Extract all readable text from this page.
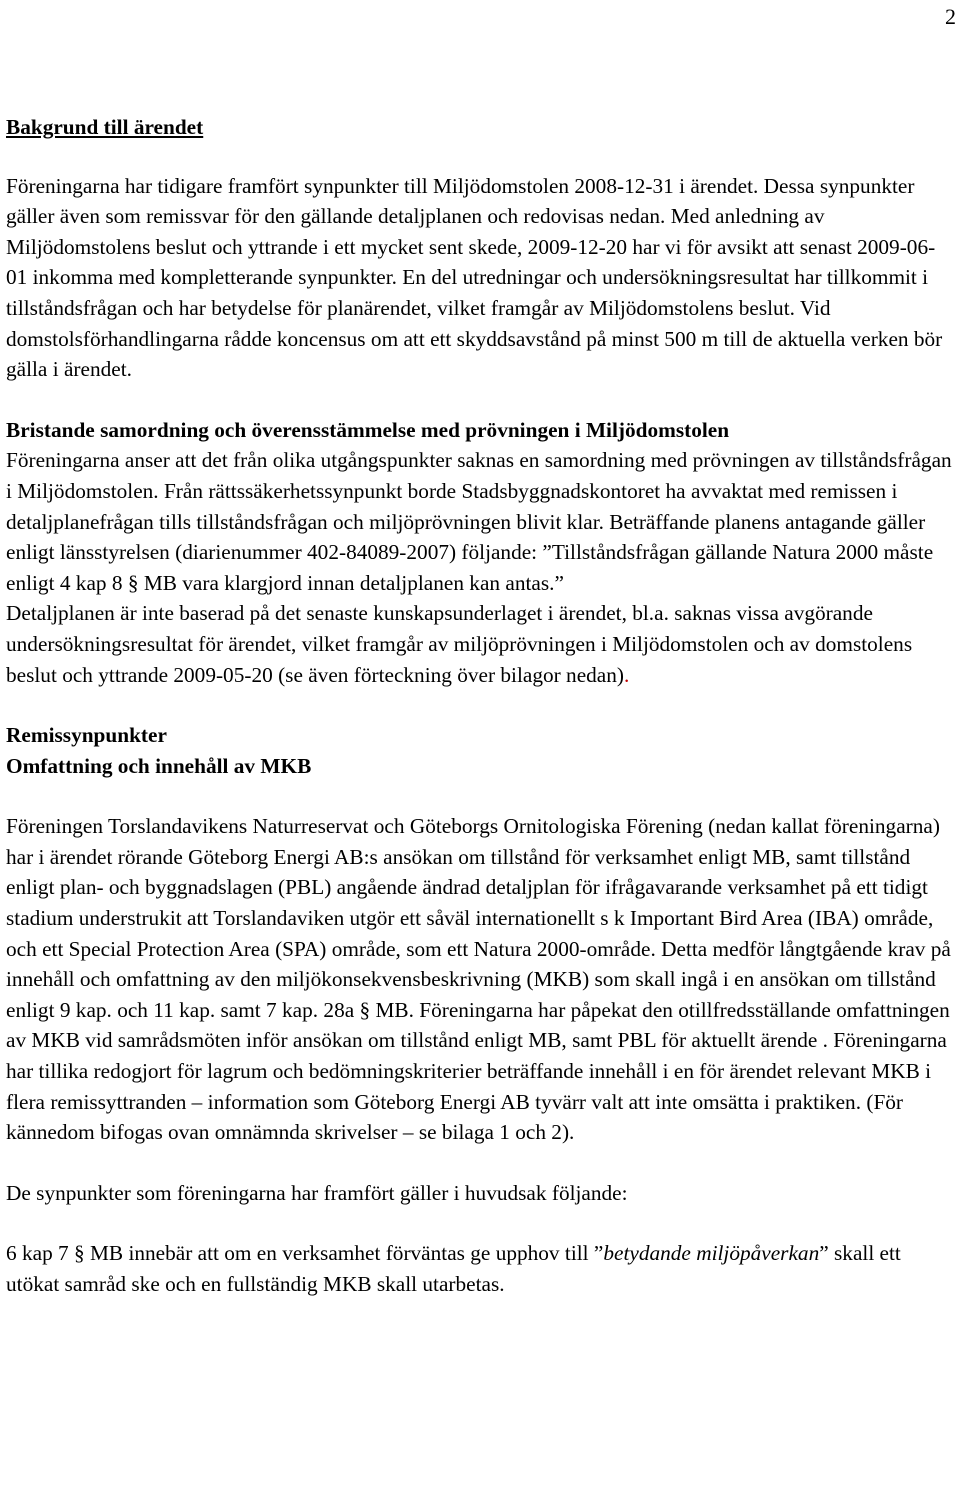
2
Bakgrund till ärendet

Föreningarna har tidigare framfört synpunkter till Miljödomstolen 2008-12-31 i ärendet. Dessa synpunkter gäller även som remissvar för den gällande detaljplanen och redovisas nedan. Med anledning av Miljödomstolens beslut och yttrande i ett mycket sent skede, 2009-12-20 har vi för avsikt att senast 2009-06-01 inkomma med kompletterande synpunkter. En del utredningar och undersökningsresultat har tillkommit i tillståndsfrågan och har betydelse för planärendet, vilket framgår av Miljödomstolens beslut. Vid domstolsförhandlingarna rådde koncensus om att ett skyddsavstånd på minst 500 m till de aktuella verken bör gälla i ärendet.

Bristande samordning och överensstämmelse med prövningen i Miljödomstolen

Föreningarna anser att det från olika utgångspunkter saknas en samordning med prövningen av tillståndsfrågan i Miljödomstolen. Från rättssäkerhetssynpunkt borde Stadsbyggnadskontoret ha avvaktat med remissen i detaljplanefrågan tills tillståndsfrågan och miljöprövningen blivit klar. Beträffande planens antagande gäller enligt länsstyrelsen (diarienummer 402-84089-2007) följande: ”Tillståndsfrågan gällande Natura 2000 måste enligt 4 kap 8 § MB vara klargjord innan detaljplanen kan antas.”

Detaljplanen är inte baserad på det senaste kunskapsunderlaget i ärendet, bl.a. saknas vissa avgörande undersökningsresultat för ärendet, vilket framgår av miljöprövningen i Miljödomstolen och av domstolens beslut och yttrande 2009-05-20 (se även förteckning över bilagor nedan).

Remissynpunkter
Omfattning och innehåll av MKB

Föreningen Torslandavikens Naturreservat och Göteborgs Ornitologiska Förening (nedan kallat föreningarna) har i ärendet rörande Göteborg Energi AB:s ansökan om tillstånd för verksamhet enligt MB, samt tillstånd enligt plan- och byggnadslagen (PBL) angående ändrad detaljplan för ifrågavarande verksamhet på ett tidigt stadium understrukit att Torslandaviken utgör ett såväl internationellt s k Important Bird Area (IBA) område, och ett Special Protection Area (SPA) område, som ett Natura 2000-område. Detta medför långtgående krav på innehåll och omfattning av den miljökonsekvensbeskrivning (MKB) som skall ingå i en ansökan om tillstånd enligt 9 kap. och 11 kap. samt 7 kap. 28a § MB. Föreningarna har påpekat den otillfredsställande omfattningen av MKB vid samrådsmöten inför ansökan om tillstånd enligt MB, samt PBL för aktuellt ärende . Föreningarna har tillika redogjort för lagrum och bedömningskriterier beträffande innehåll i en för ärendet relevant MKB i flera remissyttranden – information som Göteborg Energi AB tyvärr valt att inte omsätta i praktiken. (För kännedom bifogas ovan omnämnda skrivelser – se bilaga 1 och 2).

De synpunkter som föreningarna har framfört gäller i huvudsak följande:

6 kap 7 § MB innebär att om en verksamhet förväntas ge upphov till ”betydande miljöpåverkan” skall ett utökat samråd ske och en fullständig MKB skall utarbetas.
